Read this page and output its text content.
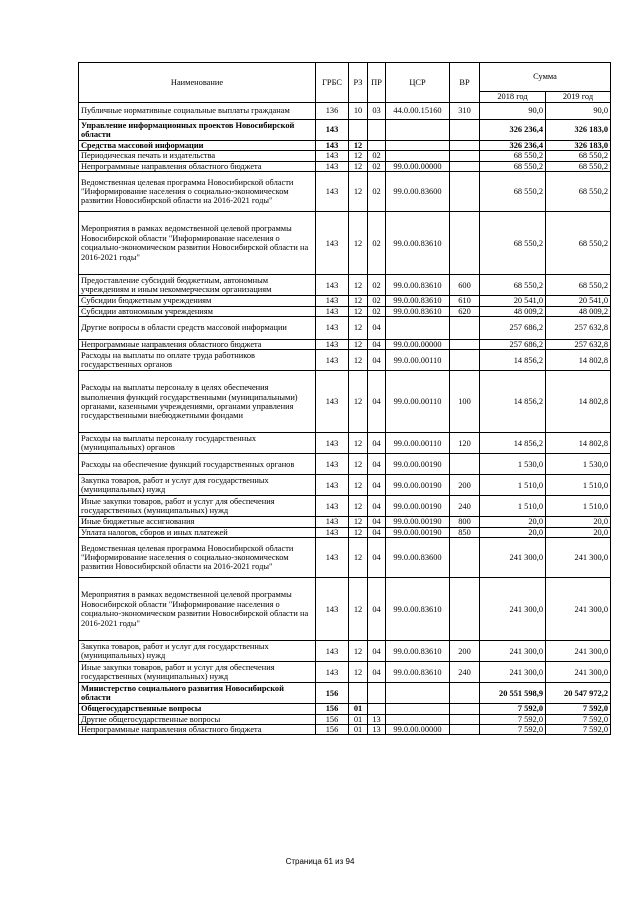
Наименование	ГРБС	РЗ	ПР	ЦСР	ВР	Сумма	
						2018 год	2019 год
Публичные нормативные социальные выплаты гражданам	136	10	03	44.0.00.15160	310	90,0	90,0
Управление информационных проектов Новосибирской области	143					326 236,4	326 183,0
Средства массовой информации	143	12				326 236,4	326 183,0
Периодическая печать и издательства	143	12	02			68 550,2	68 550,2
Непрограммные направления областного бюджета	143	12	02	99.0.00.00000		68 550,2	68 550,2
Ведомственная целевая программа Новосибирской области "Информирование населения о социально-экономическом развитии Новосибирской области на 2016-2021 годы"	143	12	02	99.0.00.83600		68 550,2	68 550,2
Мероприятия в рамках ведомственной целевой программы Новосибирской области "Информирование населения о социально-экономическом развитии Новосибирской области на 2016-2021 годы"	143	12	02	99.0.00.83610		68 550,2	68 550,2
Предоставление субсидий бюджетным, автономным учреждениям и иным некоммерческим организациям	143	12	02	99.0.00.83610	600	68 550,2	68 550,2
Субсидии бюджетным учреждениям	143	12	02	99.0.00.83610	610	20 541,0	20 541,0
Субсидии автономным учреждениям	143	12	02	99.0.00.83610	620	48 009,2	48 009,2
Другие вопросы в области средств массовой информации	143	12	04			257 686,2	257 632,8
Непрограммные направления областного бюджета	143	12	04	99.0.00.00000		257 686,2	257 632,8
Расходы на выплаты по оплате труда работников государственных органов	143	12	04	99.0.00.00110		14 856,2	14 802,8
Расходы на выплаты персоналу в целях обеспечения выполнения функций государственными (муниципальными) органами, казенными учреждениями, органами управления государственными внебюджетными фондами	143	12	04	99.0.00.00110	100	14 856,2	14 802,8
Расходы на выплаты персоналу государственных (муниципальных) органов	143	12	04	99.0.00.00110	120	14 856,2	14 802,8
Расходы на обеспечение функций государственных органов	143	12	04	99.0.00.00190		1 530,0	1 530,0
Закупка товаров, работ и услуг для государственных (муниципальных) нужд	143	12	04	99.0.00.00190	200	1 510,0	1 510,0
Иные закупки товаров, работ и услуг для обеспечения государственных (муниципальных) нужд	143	12	04	99.0.00.00190	240	1 510,0	1 510,0
Иные бюджетные ассигнования	143	12	04	99.0.00.00190	800	20,0	20,0
Уплата налогов, сборов и иных платежей	143	12	04	99.0.00.00190	850	20,0	20,0
Ведомственная целевая программа Новосибирской области "Информирование населения о социально-экономическом развитии Новосибирской области на 2016-2021 годы"	143	12	04	99.0.00.83600		241 300,0	241 300,0
Мероприятия в рамках ведомственной целевой программы Новосибирской области "Информирование населения о социально-экономическом развитии Новосибирской области на 2016-2021 годы"	143	12	04	99.0.00.83610		241 300,0	241 300,0
Закупка товаров, работ и услуг для государственных (муниципальных) нужд	143	12	04	99.0.00.83610	200	241 300,0	241 300,0
Иные закупки товаров, работ и услуг для обеспечения государственных (муниципальных) нужд	143	12	04	99.0.00.83610	240	241 300,0	241 300,0
Министерство социального развития Новосибирской области	156					20 551 598,9	20 547 972,2
Общегосударственные вопросы	156	01				7 592,0	7 592,0
Другие общегосударственные вопросы	156	01	13			7 592,0	7 592,0
Непрограммные направления областного бюджета	156	01	13	99.0.00.00000		7 592,0	7 592,0
Страница 61 из 94
